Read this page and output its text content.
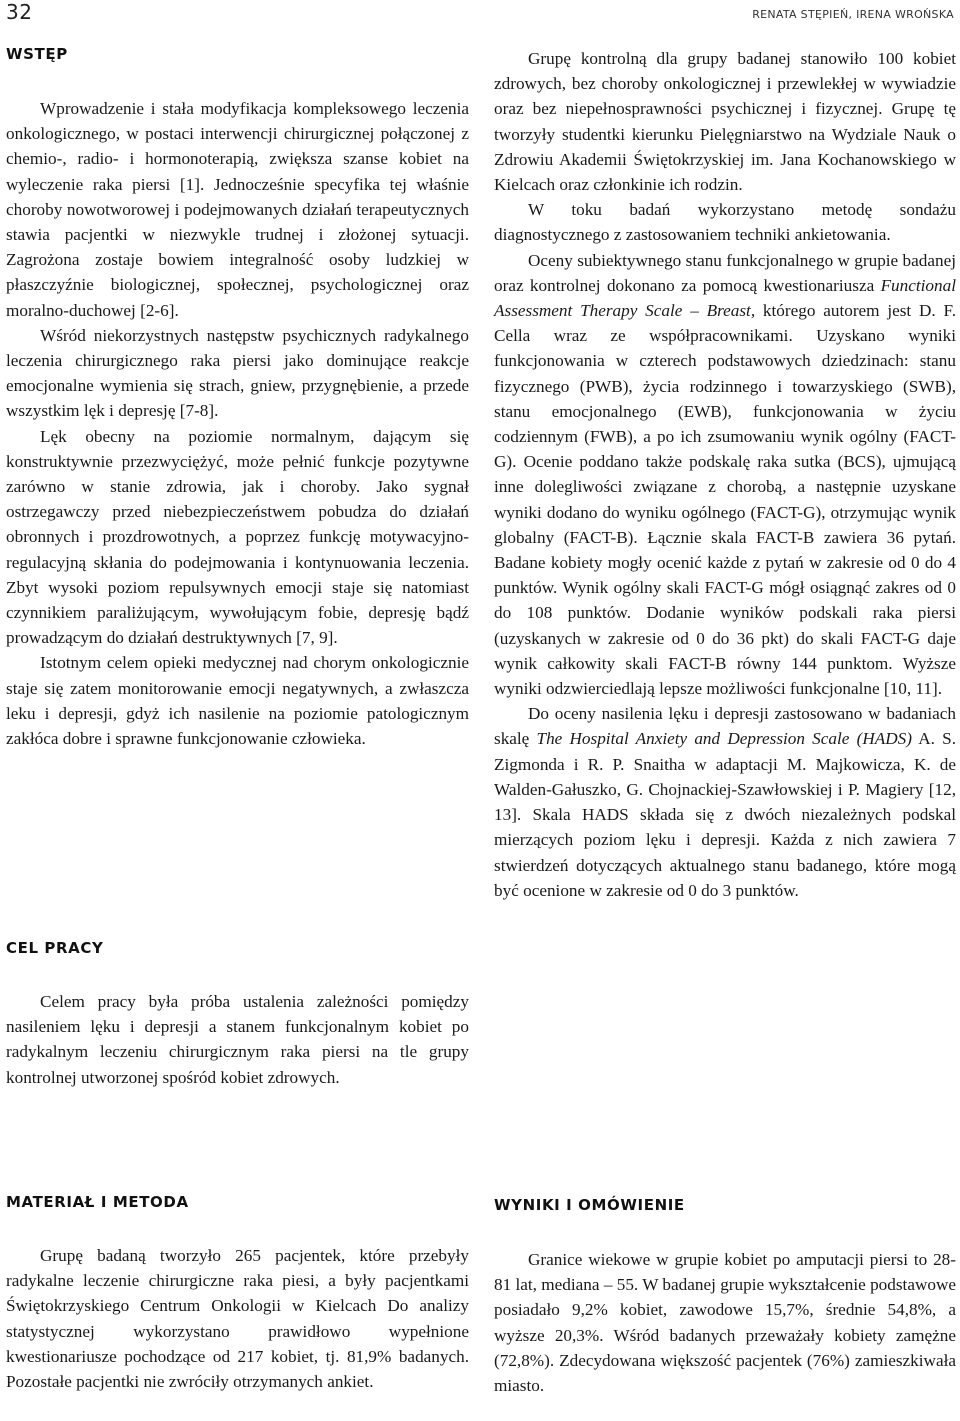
32	RENATA STĘPIEŃ, IRENA WROŃSKA
WSTĘP

Wprowadzenie i stała modyfikacja kompleksowego leczenia onkologicznego, w postaci interwencji chirurgicznej połączonej z chemio-, radio- i hormonoterapią, zwiększa szanse kobiet na wyleczenie raka piersi [1]. Jednocześnie specyfika tej właśnie choroby nowotworowej i podejmowanych działań terapeutycznych stawia pacjentki w niezwykle trudnej i złożonej sytuacji. Zagrożona zostaje bowiem integralność osoby ludzkiej w płaszczyźnie biologicznej, społecznej, psychologicznej oraz moralno-duchowej [2-6].

Wśród niekorzystnych następstw psychicznych radykalnego leczenia chirurgicznego raka piersi jako dominujące reakcje emocjonalne wymienia się strach, gniew, przygnębienie, a przede wszystkim lęk i depresję [7-8].

Lęk obecny na poziomie normalnym, dającym się konstruktywnie przezwyciężyć, może pełnić funkcje pozytywne zarówno w stanie zdrowia, jak i choroby. Jako sygnał ostrzegawczy przed niebezpieczeństwem pobudza do działań obronnych i prozdrowotnych, a poprzez funkcję motywacyjno-regulacyjną skłania do podejmowania i kontynuowania leczenia. Zbyt wysoki poziom repulsywnych emocji staje się natomiast czynnikiem paraliżującym, wywołującym fobie, depresję bądź prowadzącym do działań destruktywnych [7, 9].

Istotnym celem opieki medycznej nad chorym onkologicznie staje się zatem monitorowanie emocji negatywnych, a zwłaszcza leku i depresji, gdyż ich nasilenie na poziomie patologicznym zakłóca dobre i sprawne funkcjonowanie człowieka.

CEL PRACY

Celem pracy była próba ustalenia zależności pomiędzy nasileniem lęku i depresji a stanem funkcjonalnym kobiet po radykalnym leczeniu chirurgicznym raka piersi na tle grupy kontrolnej utworzonej spośród kobiet zdrowych.

Grupę kontrolną dla grupy badanej stanowiło 100 kobiet zdrowych, bez choroby onkologicznej i przewlekłej w wywiadzie oraz bez niepełnosprawności psychicznej i fizycznej. Grupę tę tworzyły studentki kierunku Pielęgniarstwo na Wydziale Nauk o Zdrowiu Akademii Świętokrzyskiej im. Jana Kochanowskiego w Kielcach oraz członkinie ich rodzin.

W toku badań wykorzystano metodę sondażu diagnostycznego z zastosowaniem techniki ankietowania.

Oceny subiektywnego stanu funkcjonalnego w grupie badanej oraz kontrolnej dokonano za pomocą kwestionariusza Functional Assessment Therapy Scale – Breast, którego autorem jest D. F. Cella wraz ze współpracownikami. Uzyskano wyniki funkcjonowania w czterech podstawowych dziedzinach: stanu fizycznego (PWB), życia rodzinnego i towarzyskiego (SWB), stanu emocjonalnego (EWB), funkcjonowania w życiu codziennym (FWB), a po ich zsumowaniu wynik ogólny (FACT-G). Ocenie poddano także podskalę raka sutka (BCS), ujmującą inne dolegliwości związane z chorobą, a następnie uzyskane wyniki dodano do wyniku ogólnego (FACT-G), otrzymując wynik globalny (FACT-B). Łącznie skala FACT-B zawiera 36 pytań. Badane kobiety mogły ocenić każde z pytań w zakresie od 0 do 4 punktów. Wynik ogólny skali FACT-G mógł osiągnąć zakres od 0 do 108 punktów. Dodanie wyników podskali raka piersi (uzyskanych w zakresie od 0 do 36 pkt) do skali FACT-G daje wynik całkowity skali FACT-B równy 144 punktom. Wyższe wyniki odzwierciedlają lepsze możliwości funkcjonalne [10, 11].

Do oceny nasilenia lęku i depresji zastosowano w badaniach skalę The Hospital Anxiety and Depression Scale (HADS) A. S. Zigmonda i R. P. Snaitha w adaptacji M. Majkowicza, K. de Walden-Gałuszko, G. Chojnackiej-Szawłowskiej i P. Magiery [12, 13]. Skala HADS składa się z dwóch niezależnych podskal mierzących poziom lęku i depresji. Każda z nich zawiera 7 stwierdzeń dotyczących aktualnego stanu badanego, które mogą być ocenione w zakresie od 0 do 3 punktów.

MATERIAŁ I METODA

Grupę badaną tworzyło 265 pacjentek, które przebyły radykalne leczenie chirurgiczne raka piesi, a były pacjentkami Świętokrzyskiego Centrum Onkologii w Kielcach Do analizy statystycznej wykorzystano prawidłowo wypełnione kwestionariusze pochodzące od 217 kobiet, tj. 81,9% badanych. Pozostałe pacjentki nie zwróciły otrzymanych ankiet.

WYNIKI I OMÓWIENIE

Granice wiekowe w grupie kobiet po amputacji piersi to 28-81 lat, mediana – 55. W badanej grupie wykształcenie podstawowe posiadało 9,2% kobiet, zawodowe 15,7%, średnie 54,8%, a wyższe 20,3%. Wśród badanych przeważały kobiety zamężne (72,8%). Zdecydowana większość pacjentek (76%) zamieszkiwała miasto.
